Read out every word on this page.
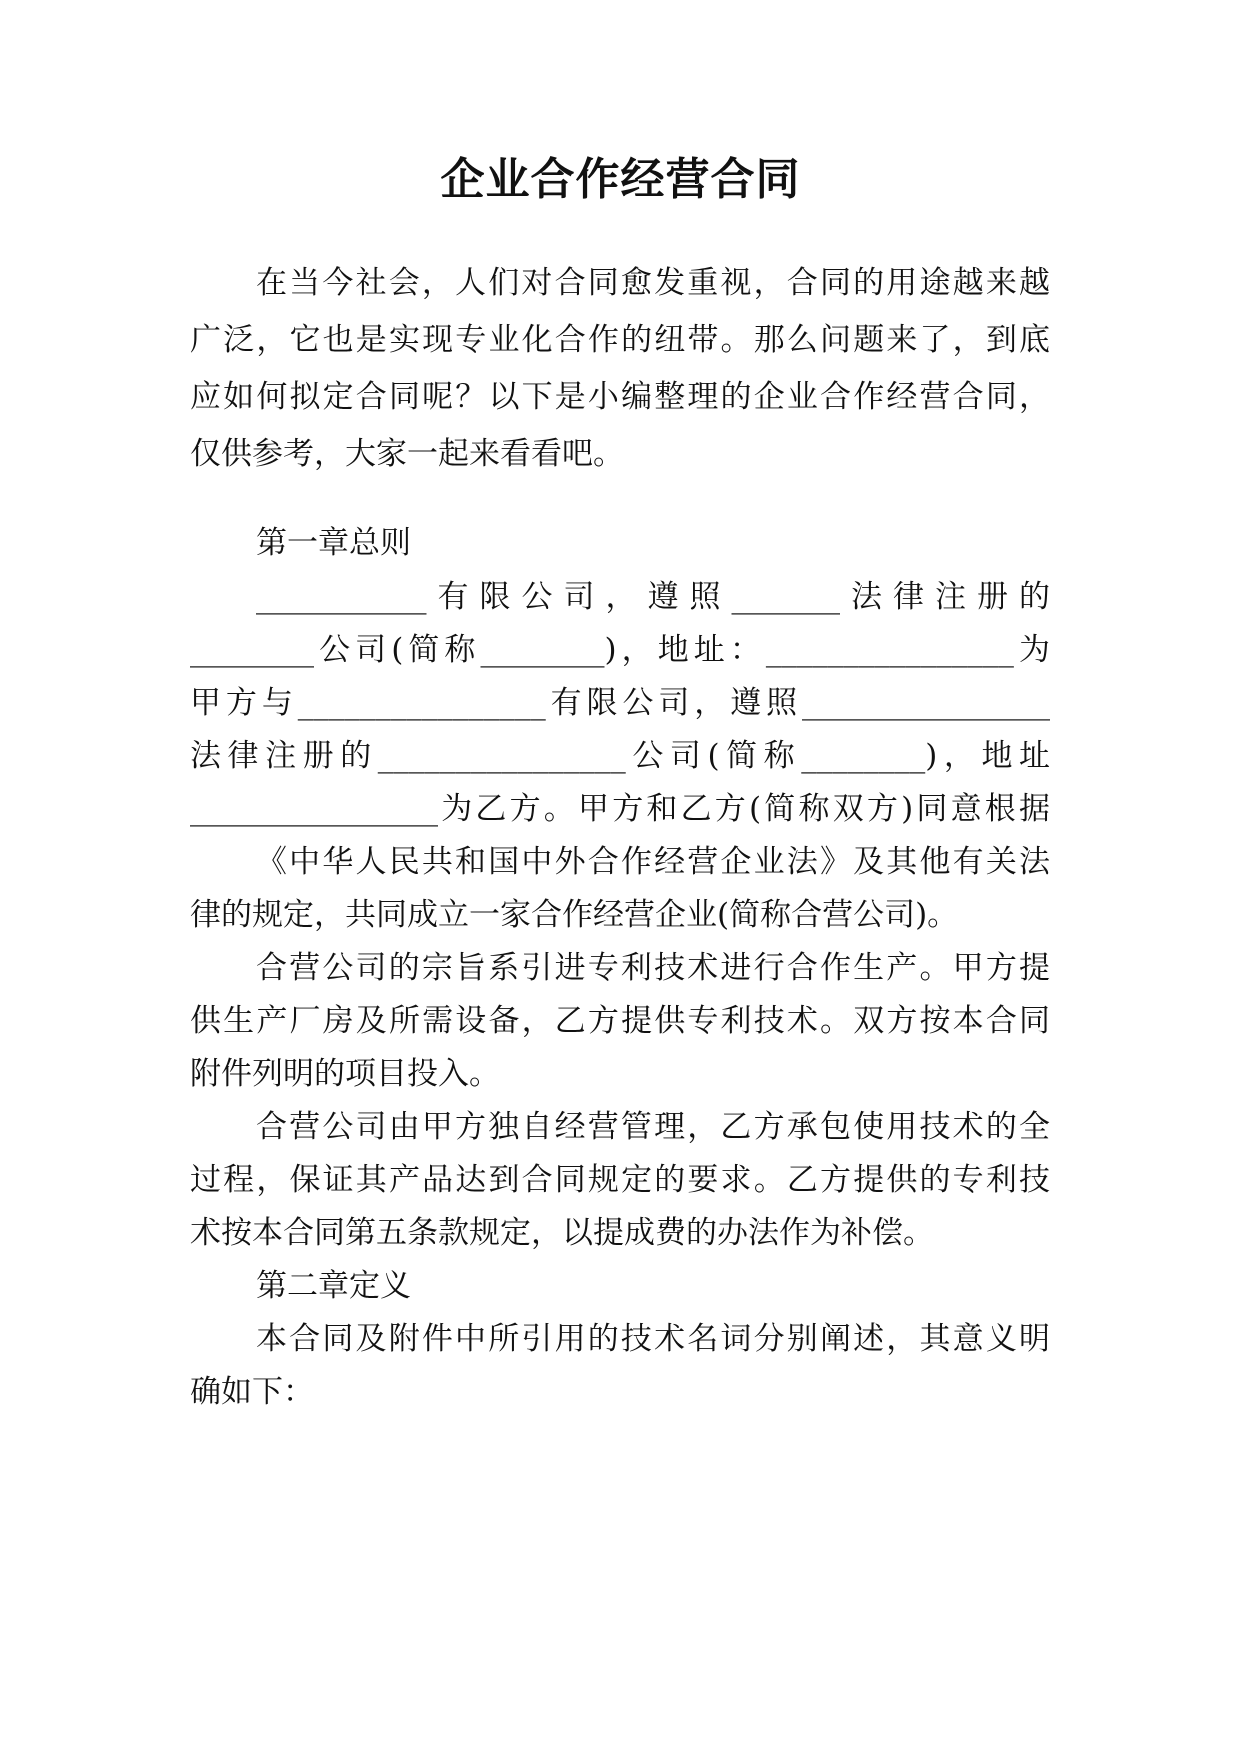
企业合作经营合同
在当今社会，人们对合同愈发重视，合同的用途越来越
广泛，它也是实现专业化合作的纽带。那么问题来了，到底
应如何拟定合同呢？以下是小编整理的企业合作经营合同，
仅供参考，大家一起来看看吧。
第一章总则
___________有限公司，遵照_______法律注册的
________公司(简称________)，地址：________________为
甲方与________________有限公司，遵照________________
法律注册的________________公司(简称________)，地址
________________为乙方。甲方和乙方(简称双方)同意根据
《中华人民共和国中外合作经营企业法》及其他有关法
律的规定，共同成立一家合作经营企业(简称合营公司)。
合营公司的宗旨系引进专利技术进行合作生产。甲方提
供生产厂房及所需设备，乙方提供专利技术。双方按本合同
附件列明的项目投入。
合营公司由甲方独自经营管理，乙方承包使用技术的全
过程，保证其产品达到合同规定的要求。乙方提供的专利技
术按本合同第五条款规定，以提成费的办法作为补偿。
第二章定义
本合同及附件中所引用的技术名词分别阐述，其意义明
确如下：
